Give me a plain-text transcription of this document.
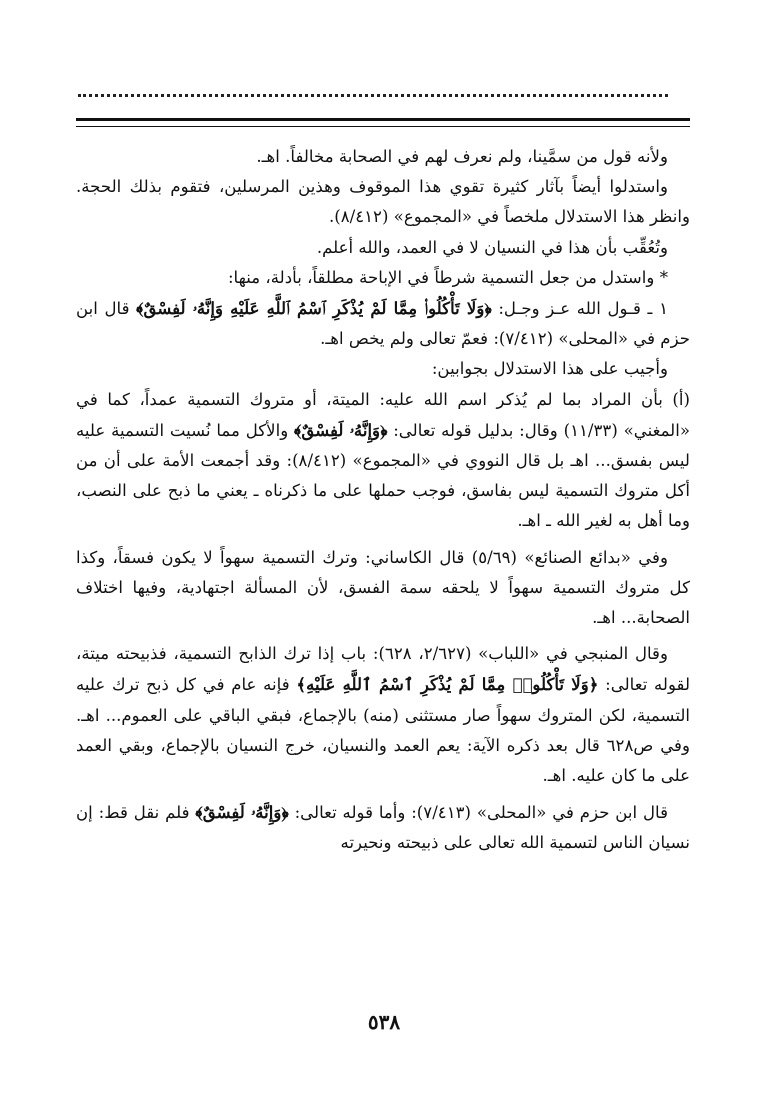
ولأنه قول من سمَّينا، ولم نعرف لهم في الصحابة مخالفاً. اهـ.

واستدلوا أيضاً بآثار كثيرة تقوي هذا الموقوف وهذين المرسلين، فتقوم بذلك الحجة. وانظر هذا الاستدلال ملخصاً في «المجموع» (٨/٤١٢).

وتُعُقِّب بأن هذا في النسيان لا في العمد، والله أعلم.

* واستدل من جعل التسمية شرطاً في الإباحة مطلقاً، بأدلة، منها:

١ ـ قـول الله عـز وجـل: ﴿وَلَا تَأْكُلُوا۟ مِمَّا لَمْ يُذْكَرِ ٱسْمُ ٱللَّهِ عَلَيْهِ وَإِنَّهُۥ لَفِسْقٌ﴾ قال ابن حزم في «المحلى» (٧/٤١٢): فعمّ تعالى ولم يخص اهـ.

وأجيب على هذا الاستدلال بجوابين:

(أ) بأن المراد بما لم يُذكر اسم الله عليه: الميتة، أو متروك التسمية عمداً، كما في «المغني» (١١/٣٣) وقال: بدليل قوله تعالى: ﴿وَإِنَّهُۥ لَفِسْقٌ﴾ والأكل مما نُسيت التسمية عليه ليس بفسق... اهـ بل قال النووي في «المجموع» (٨/٤١٢): وقد أجمعت الأمة على أن من أكل متروك التسمية ليس بفاسق، فوجب حملها على ما ذكرناه ـ يعني ما ذبح على النصب، وما أهل به لغير الله ـ اهـ.

وفي «بدائع الصنائع» (٥/٦٩) قال الكاساني: وترك التسمية سهواً لا يكون فسقاً، وكذا كل متروك التسمية سهواً لا يلحقه سمة الفسق، لأن المسألة اجتهادية، وفيها اختلاف الصحابة... اهـ.

وقال المنبجي في «اللباب» (٢/٦٢٧، ٦٢٨): باب إذا ترك الذابح التسمية، فذبيحته ميتة، لقوله تعالى: ﴿وَلَا تَأْكُلُوا۟ مِمَّا لَمْ يُذْكَرِ ٱسْمُ ٱللَّهِ عَلَيْهِ﴾ فإنه عام في كل ذبح ترك عليه التسمية، لكن المتروك سهواً صار مستثنى (منه) بالإجماع، فبقي الباقي على العموم... اهـ. وفي ص٦٢٨ قال بعد ذكره الآية: يعم العمد والنسيان، خرج النسيان بالإجماع، وبقي العمد على ما كان عليه. اهـ.

قال ابن حزم في «المحلى» (٧/٤١٣): وأما قوله تعالى: ﴿وَإِنَّهُۥ لَفِسْقٌ﴾ فلم نقل قط: إن نسيان الناس لتسمية الله تعالى على ذبيحته ونحيرته

٥٣٨
